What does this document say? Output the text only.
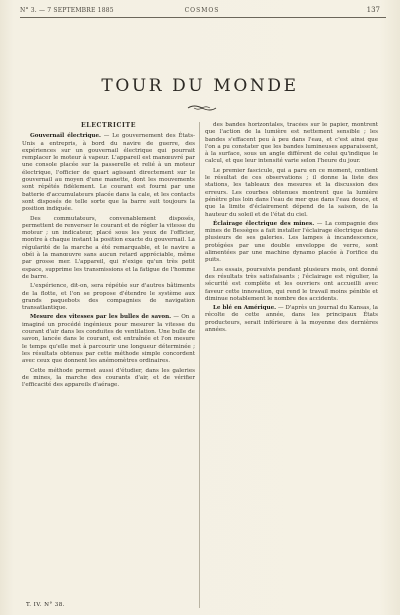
N° 3. — 7 SEPTEMBRE 1885	COSMOS	137
TOUR DU MONDE
ÉLECTRICITÉ

Gouvernail électrique. — Le gouvernement des États-Unis a entrepris, à bord du navire de guerre, des expériences sur un gouvernail électrique qui pourrait remplacer le moteur à vapeur. L'appareil est manœuvré par une console placée sur la passerelle et relié à un moteur électrique, l'officier de quart agissant directement sur le gouvernail au moyen d'une manette, dont les mouvements sont répétés fidèlement. Le courant est fourni par une batterie d'accumulateurs placée dans la cale, et les contacts sont disposés de telle sorte que la barre suit toujours la position indiquée.

Des commutateurs, convenablement disposés, permettent de renverser le courant et de régler la vitesse du moteur ; un indicateur, placé sous les yeux de l'officier, montre à chaque instant la position exacte du gouvernail. La régularité de la marche a été remarquable, et le navire a obéi à la manœuvre sans aucun retard appréciable, même par grosse mer. L'appareil, qui n'exige qu'un très petit espace, supprime les transmissions et la fatigue de l'homme de barre.

L'expérience, dit-on, sera répétée sur d'autres bâtiments de la flotte, et l'on se propose d'étendre le système aux grands paquebots des compagnies de navigation transatlantique.

Mesure des vitesses par les bulles de savon. — On a imaginé un procédé ingénieux pour mesurer la vitesse du courant d'air dans les conduites de ventilation. Une bulle de savon, lancée dans le courant, est entraînée et l'on mesure le temps qu'elle met à parcourir une longueur déterminée ; les résultats obtenus par cette méthode simple concordent avec ceux que donnent les anémomètres ordinaires.

Cette méthode permet aussi d'étudier, dans les galeries de mines, la marche des courants d'air, et de vérifier l'efficacité des appareils d'aérage.

des bandes horizontales, tracées sur le papier, montrent que l'action de la lumière est nettement sensible ; les bandes s'effacent peu à peu dans l'eau, et c'est ainsi que l'on a pu constater que les bandes lumineuses apparaissent, à la surface, sous un angle différent de celui qu'indique le calcul, et que leur intensité varie selon l'heure du jour.

Le premier fascicule, qui a paru en ce moment, contient le résultat de ces observations ; il donne la liste des stations, les tableaux des mesures et la discussion des erreurs. Les courbes obtenues montrent que la lumière pénètre plus loin dans l'eau de mer que dans l'eau douce, et que la limite d'éclairement dépend de la saison, de la hauteur du soleil et de l'état du ciel.

Éclairage électrique des mines. — La compagnie des mines de Bessèges a fait installer l'éclairage électrique dans plusieurs de ses galeries. Les lampes à incandescence, protégées par une double enveloppe de verre, sont alimentées par une machine dynamo placée à l'orifice du puits.

Les essais, poursuivis pendant plusieurs mois, ont donné des résultats très satisfaisants ; l'éclairage est régulier, la sécurité est complète et les ouvriers ont accueilli avec faveur cette innovation, qui rend le travail moins pénible et diminue notablement le nombre des accidents.

Le blé en Amérique. — D'après un journal du Kansas, la récolte de cette année, dans les principaux États producteurs, serait inférieure à la moyenne des dernières années.

T. IV. N° 38.
